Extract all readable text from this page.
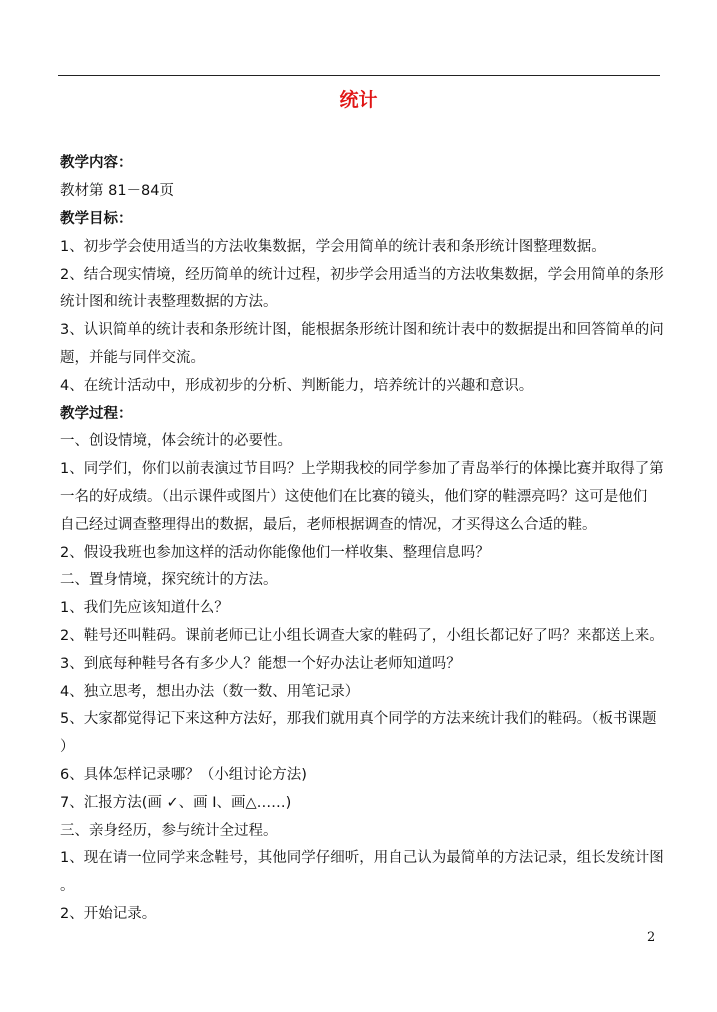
统计
教学内容：
教材第 81－84页
教学目标：
1、初步学会使用适当的方法收集数据，学会用简单的统计表和条形统计图整理数据。
2、结合现实情境，经历简单的统计过程，初步学会用适当的方法收集数据，学会用简单的条形
统计图和统计表整理数据的方法。
3、认识简单的统计表和条形统计图，能根据条形统计图和统计表中的数据提出和回答简单的问
题，并能与同伴交流。
4、在统计活动中，形成初步的分析、判断能力，培养统计的兴趣和意识。
教学过程：
一、创设情境，体会统计的必要性。
1、同学们，你们以前表演过节目吗？上学期我校的同学参加了青岛举行的体操比赛并取得了第
一名的好成绩。（出示课件或图片）这使他们在比赛的镜头，他们穿的鞋漂亮吗？这可是他们
自己经过调查整理得出的数据，最后，老师根据调查的情况，才买得这么合适的鞋。
2、假设我班也参加这样的活动你能像他们一样收集、整理信息吗？
二、置身情境，探究统计的方法。
1、我们先应该知道什么？
2、鞋号还叫鞋码。课前老师已让小组长调查大家的鞋码了，小组长都记好了吗？来都送上来。
3、到底每种鞋号各有多少人？能想一个好办法让老师知道吗？
4、独立思考，想出办法（数一数、用笔记录）
5、大家都觉得记下来这种方法好，那我们就用真个同学的方法来统计我们的鞋码。（板书课题
）
6、具体怎样记录哪？（小组讨论方法)
7、汇报方法(画 ✓、画 I、画△……)
三、亲身经历，参与统计全过程。
1、现在请一位同学来念鞋号，其他同学仔细听，用自己认为最简单的方法记录，组长发统计图
。
2、开始记录。
2
